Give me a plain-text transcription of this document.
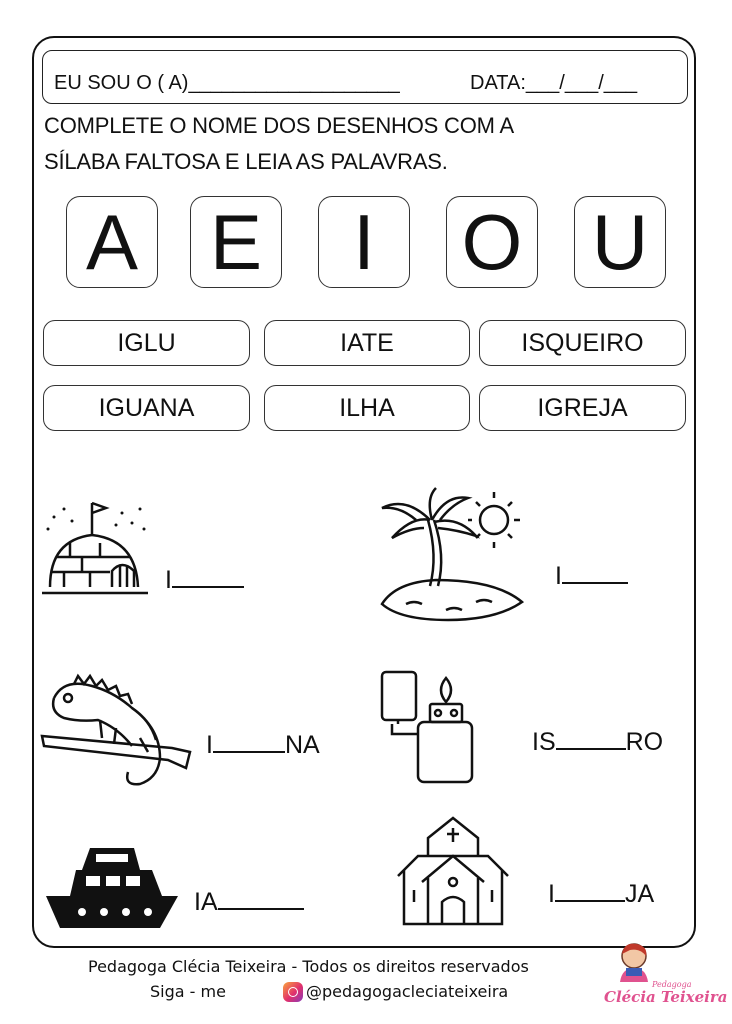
EU SOU O ( A)___________________	DATA:___/___/___
COMPLETE O NOME DOS DESENHOS COM A
SÍLABA FALTOSA E LEIA AS PALAVRAS.
A E	I	O U
IGLU	IATE	ISQUEIRO
IGUANA	ILHA	IGREJA
I	I
I	NA	IS	RO
IA	I	JA
Pedagoga Clécia Teixeira - Todos os direitos reservados
Siga - me	@pedagogacleciateixeira	Pedagoga
Clécia Teixeira
